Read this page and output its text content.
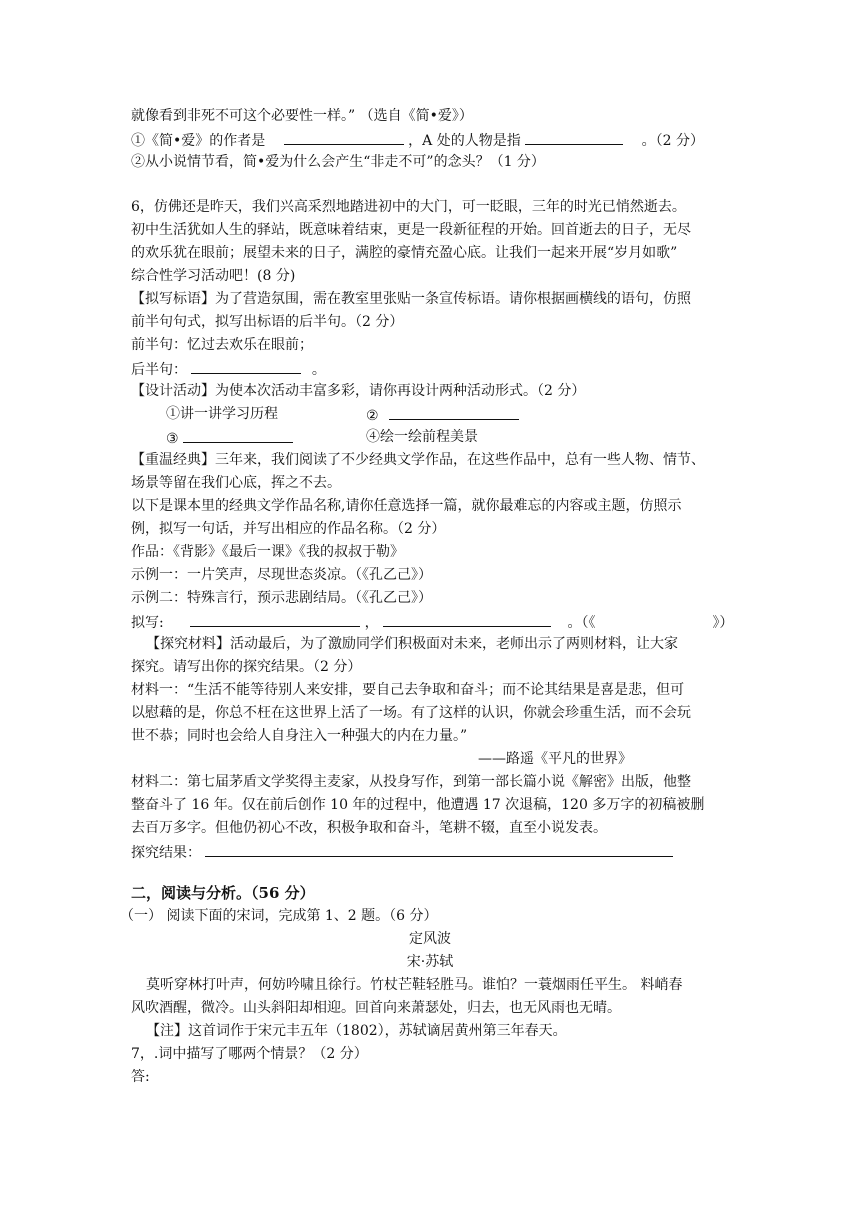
就像看到非死不可这个必要性一样。” （选自《简•爱》）
①《简•爱》的作者是	，A 处的人物是指	。（2 分）
②从小说情节看，简•爱为什么会产生“非走不可”的念头？（1 分）
6，仿佛还是昨天，我们兴高采烈地踏进初中的大门，可一眨眼，三年的时光已悄然逝去。
初中生活犹如人生的驿站，既意味着结束，更是一段新征程的开始。回首逝去的日子，无尽
的欢乐犹在眼前；展望未来的日子，满腔的豪情充盈心底。让我们一起来开展“岁月如歌”
综合性学习活动吧！(8 分)
【拟写标语】为了营造氛围，需在教室里张贴一条宣传标语。请你根据画横线的语句，仿照
前半句句式，拟写出标语的后半句。（2 分）
前半句：忆过去欢乐在眼前；
后半句：	。
【设计活动】为使本次活动丰富多彩，请你再设计两种活动形式。（2 分）
①讲一讲学习历程	②
③	④绘一绘前程美景
【重温经典】三年来，我们阅读了不少经典文学作品，在这些作品中，总有一些人物、情节、
场景等留在我们心底，挥之不去。
以下是课本里的经典文学作品名称,请你任意选择一篇，就你最难忘的内容或主题，仿照示
例，拟写一句话，并写出相应的作品名称。（2 分）
作品：《背影》《最后一课》《我的叔叔于勒》
示例一：一片笑声，尽现世态炎凉。（《孔乙己》）
示例二：特殊言行，预示悲剧结局。（《孔乙己》）
拟写:	，	。（《	》）
【探究材料】活动最后，为了激励同学们积极面对未来，老师出示了两则材料，让大家
探究。请写出你的探究结果。（2 分）
材料一：“生活不能等待别人来安排，要自己去争取和奋斗；而不论其结果是喜是悲，但可
以慰藉的是，你总不枉在这世界上活了一场。有了这样的认识，你就会珍重生活，而不会玩
世不恭；同时也会给人自身注入一种强大的内在力量。”
——路遥《平凡的世界》
材料二：第七届茅盾文学奖得主麦家，从投身写作，到第一部长篇小说《解密》出版，他整
整奋斗了 16 年。仅在前后创作 10 年的过程中，他遭遇 17 次退稿，120 多万字的初稿被删
去百万多字。但他仍初心不改，积极争取和奋斗，笔耕不辍，直至小说发表。
探究结果：
二，阅读与分析。（56 分）
（一） 阅读下面的宋词，完成第 1、2 题。（6 分）
定风波
宋·苏轼
莫听穿林打叶声，何妨吟啸且徐行。竹杖芒鞋轻胜马。谁怕？一蓑烟雨任平生。 料峭春
风吹酒醒，微冷。山头斜阳却相迎。回首向来萧瑟处，归去，也无风雨也无晴。
【注】这首词作于宋元丰五年（1802），苏轼谪居黄州第三年春天。
7，.词中描写了哪两个情景？（2 分）
答:
